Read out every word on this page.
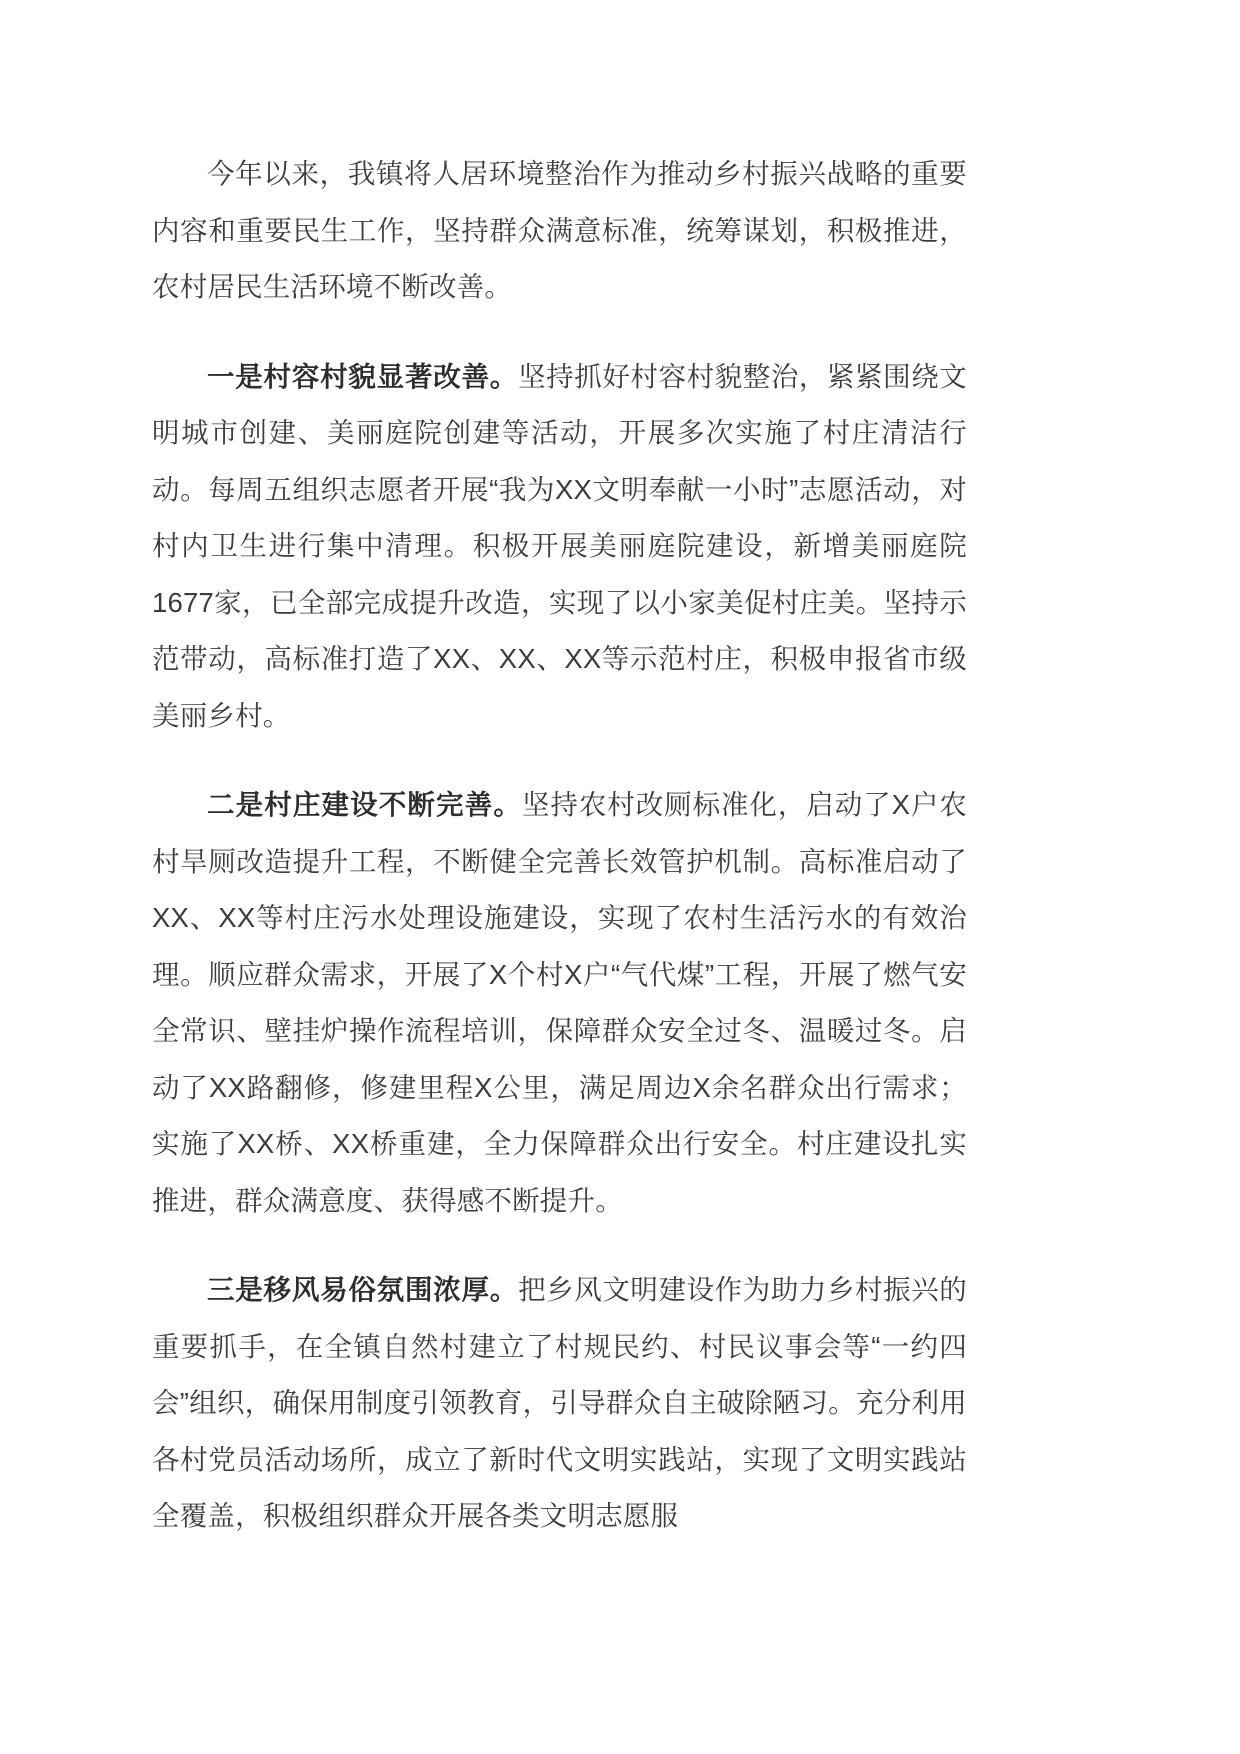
今年以来，我镇将人居环境整治作为推动乡村振兴战略的重要内容和重要民生工作，坚持群众满意标准，统筹谋划，积极推进，农村居民生活环境不断改善。

一是村容村貌显著改善。坚持抓好村容村貌整治，紧紧围绕文明城市创建、美丽庭院创建等活动，开展多次实施了村庄清洁行动。每周五组织志愿者开展“我为XX文明奉献一小时”志愿活动，对村内卫生进行集中清理。积极开展美丽庭院建设，新增美丽庭院1677家，已全部完成提升改造，实现了以小家美促村庄美。坚持示范带动，高标准打造了XX、XX、XX等示范村庄，积极申报省市级美丽乡村。

二是村庄建设不断完善。坚持农村改厕标准化，启动了X户农村旱厕改造提升工程，不断健全完善长效管护机制。高标准启动了XX、XX等村庄污水处理设施建设，实现了农村生活污水的有效治理。顺应群众需求，开展了X个村X户“气代煤”工程，开展了燃气安全常识、壁挂炉操作流程培训，保障群众安全过冬、温暖过冬。启动了XX路翻修，修建里程X公里，满足周边X余名群众出行需求；实施了XX桥、XX桥重建，全力保障群众出行安全。村庄建设扎实推进，群众满意度、获得感不断提升。

三是移风易俗氛围浓厚。把乡风文明建设作为助力乡村振兴的重要抓手，在全镇自然村建立了村规民约、村民议事会等“一约四会”组织，确保用制度引领教育，引导群众自主破除陋习。充分利用各村党员活动场所，成立了新时代文明实践站，实现了文明实践站全覆盖，积极组织群众开展各类文明志愿服
